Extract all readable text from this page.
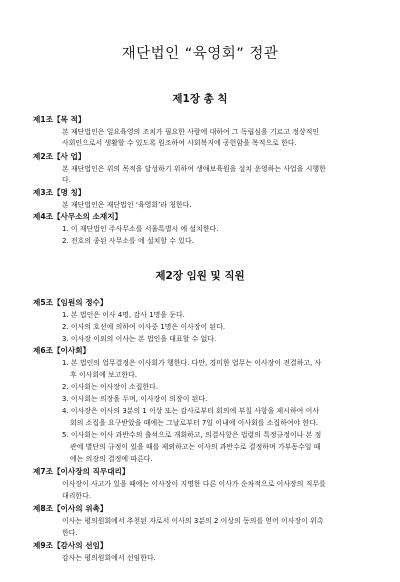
재단법인 “육영회” 정관
제1장 총 칙
제1조【목 적】
본 재단법인은 일요육영의 조치가 필요한 사람에 대하여 그 독립심을 기르고 정상적인
사회인으로서 생활할 수 있도록 원조하여 사회복지에 공헌함을 목적으로 한다.
제2조【사 업】
본 재단법인은 위의 목적을 달성하기 위하여 생애보육원을 설치 운영하는 사업을 시행한
다.
제3조【명 칭】
본 재단법인은 재단법인 ‘육영회’라 칭한다.
제4조【사무소의 소재지】
1. 이 재단법인 주사무소를 서울특별시 에 설치한다.
2. 전호의 종된 사무소를 에 설치할 수 있다.
제2장 임원 및 직원
제5조【임원의 정수】
1. 본 법인은 이사 4명, 감사 1명을 둔다.
2. 이사의 호선에 의하여 이사중 1명은 이사장이 된다.
3. 이사장 이외의 이사는 본 법인을 대표할 수 없다.
제6조【이사회】
1. 본 법인의 업무결정은 이사회가 행한다. 다만, 경미한 업무는 이사장이 전결하고, 사
후 이사회에 보고한다.
2. 이사회는 이사장이 소집한다.
3. 이사회는 의장을 두며, 이사장이 의장이 된다.
4. 이사장은 이사의 3분의 1 이상 또는 감사로부터 회의에 부칠 사항을 제시하여 이사
회의 소집을 요구받았을 때에는 그날로부터 7일 이내에 이사회를 소집하여야 한다.
5. 이사회는 이사 과반수의 출석으로 개회하고, 의결사항은 법령의 특정규정이나 본 정
관에 별단의 규정이 있을 때를 제외하고는 이사의 과반수로 결정하며 가부동수일 때
에는 의장의 결정에 따른다.
제7조【이사장의 직무대리】
이사장이 사고가 있을 때에는 이사장이 지명한 다른 이사가 순차적으로 이사장의 직무를
대리한다.
제8조【이사의 위촉】
이사는 평의원회에서 추천된 자로서 이사의 3분의 2 이상의 동의를 얻어 이사장이 위촉
한다.
제9조【감사의 선임】
감사는 평의원회에서 선임한다.
